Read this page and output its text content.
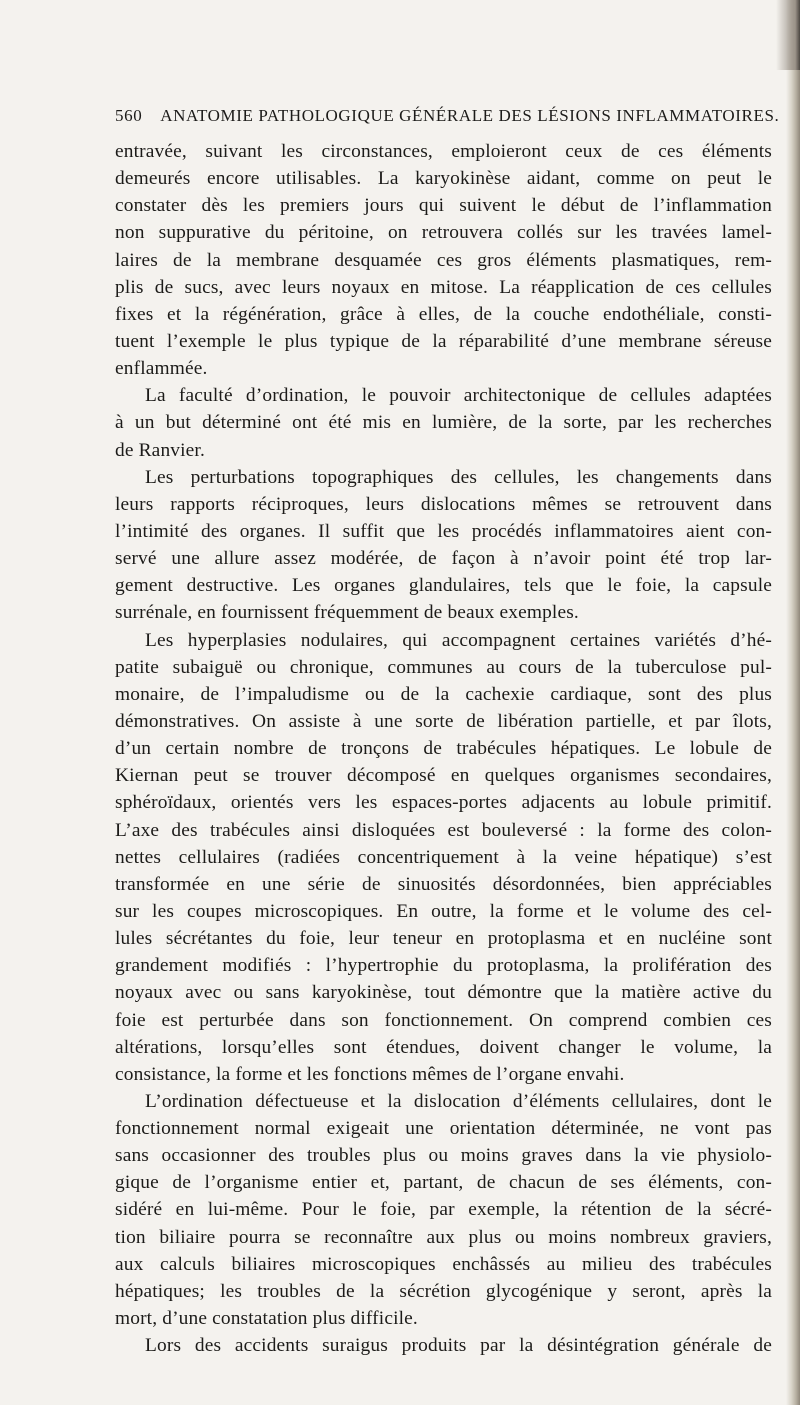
560 ANATOMIE PATHOLOGIQUE GÉNÉRALE DES LÉSIONS INFLAMMATOIRES.
entravée, suivant les circonstances, emploieront ceux de ces éléments
demeurés encore utilisables. La karyokinèse aidant, comme on peut le
constater dès les premiers jours qui suivent le début de l’inflammation
non suppurative du péritoine, on retrouvera collés sur les travées lamel-
laires de la membrane desquamée ces gros éléments plasmatiques, rem-
plis de sucs, avec leurs noyaux en mitose. La réapplication de ces cellules
fixes et la régénération, grâce à elles, de la couche endothéliale, consti-
tuent l’exemple le plus typique de la réparabilité d’une membrane séreuse
enflammée.
La faculté d’ordination, le pouvoir architectonique de cellules adaptées
à un but déterminé ont été mis en lumière, de la sorte, par les recherches
de Ranvier.
Les perturbations topographiques des cellules, les changements dans
leurs rapports réciproques, leurs dislocations mêmes se retrouvent dans
l’intimité des organes. Il suffit que les procédés inflammatoires aient con-
servé une allure assez modérée, de façon à n’avoir point été trop lar-
gement destructive. Les organes glandulaires, tels que le foie, la capsule
surrénale, en fournissent fréquemment de beaux exemples.
Les hyperplasies nodulaires, qui accompagnent certaines variétés d’hé-
patite subaiguë ou chronique, communes au cours de la tuberculose pul-
monaire, de l’impaludisme ou de la cachexie cardiaque, sont des plus
démonstratives. On assiste à une sorte de libération partielle, et par îlots,
d’un certain nombre de tronçons de trabécules hépatiques. Le lobule de
Kiernan peut se trouver décomposé en quelques organismes secondaires,
sphéroïdaux, orientés vers les espaces-portes adjacents au lobule primitif.
L’axe des trabécules ainsi disloquées est bouleversé : la forme des colon-
nettes cellulaires (radiées concentriquement à la veine hépatique) s’est
transformée en une série de sinuosités désordonnées, bien appréciables
sur les coupes microscopiques. En outre, la forme et le volume des cel-
lules sécrétantes du foie, leur teneur en protoplasma et en nucléine sont
grandement modifiés : l’hypertrophie du protoplasma, la prolifération des
noyaux avec ou sans karyokinèse, tout démontre que la matière active du
foie est perturbée dans son fonctionnement. On comprend combien ces
altérations, lorsqu’elles sont étendues, doivent changer le volume, la
consistance, la forme et les fonctions mêmes de l’organe envahi.
L’ordination défectueuse et la dislocation d’éléments cellulaires, dont le
fonctionnement normal exigeait une orientation déterminée, ne vont pas
sans occasionner des troubles plus ou moins graves dans la vie physiolo-
gique de l’organisme entier et, partant, de chacun de ses éléments, con-
sidéré en lui-même. Pour le foie, par exemple, la rétention de la sécré-
tion biliaire pourra se reconnaître aux plus ou moins nombreux graviers,
aux calculs biliaires microscopiques enchâssés au milieu des trabécules
hépatiques; les troubles de la sécrétion glycogénique y seront, après la
mort, d’une constatation plus difficile.
Lors des accidents suraigus produits par la désintégration générale de
